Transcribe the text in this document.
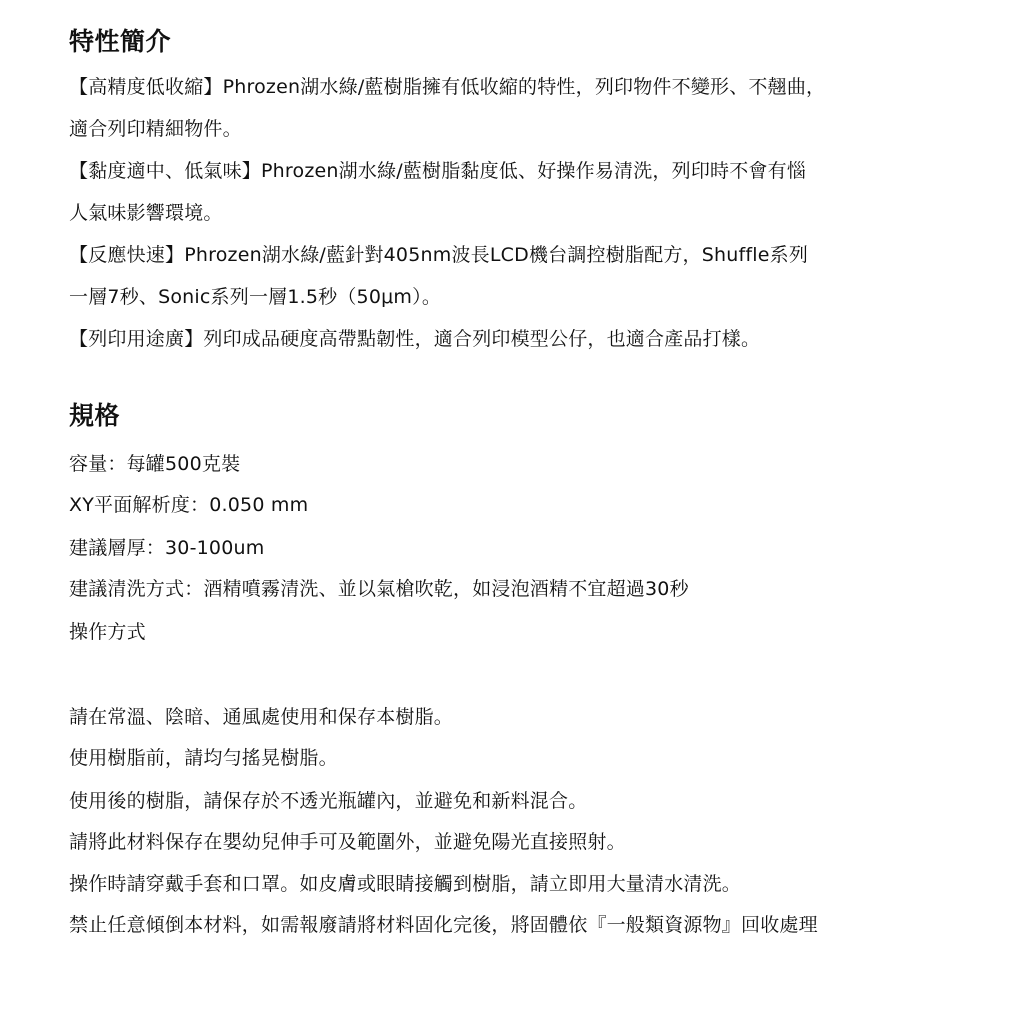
特性簡介
【高精度低收縮】Phrozen湖水綠/藍樹脂擁有低收縮的特性，列印物件不變形、不翹曲，
適合列印精細物件。
【黏度適中、低氣味】Phrozen湖水綠/藍樹脂黏度低、好操作易清洗，列印時不會有惱
人氣味影響環境。
【反應快速】Phrozen湖水綠/藍針對405nm波長LCD機台調控樹脂配方，Shuffle系列
一層7秒、Sonic系列一層1.5秒（50μm）。
【列印用途廣】列印成品硬度高帶點韌性，適合列印模型公仔，也適合產品打樣。
規格
容量：每罐500克裝
XY平面解析度：0.050 mm
建議層厚：30-100um
建議清洗方式：酒精噴霧清洗、並以氣槍吹乾，如浸泡酒精不宜超過30秒
操作方式
請在常溫、陰暗、通風處使用和保存本樹脂。
使用樹脂前，請均勻搖晃樹脂。
使用後的樹脂，請保存於不透光瓶罐內，並避免和新料混合。
請將此材料保存在嬰幼兒伸手可及範圍外，並避免陽光直接照射。
操作時請穿戴手套和口罩。如皮膚或眼睛接觸到樹脂，請立即用大量清水清洗。
禁止任意傾倒本材料，如需報廢請將材料固化完後，將固體依『一般類資源物』回收處理
